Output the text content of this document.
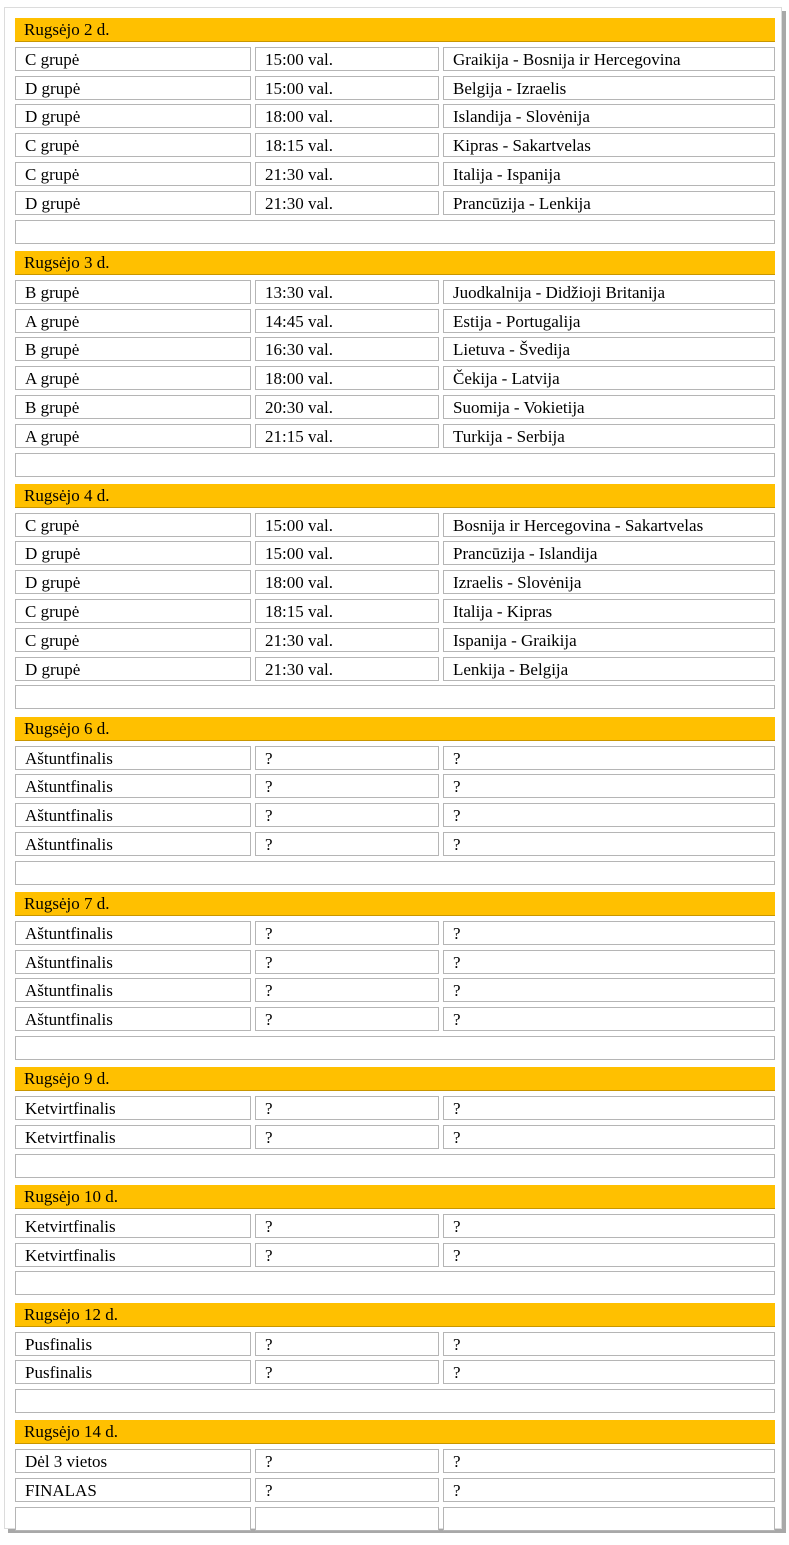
Rugsėjo 2 d.
C grupė	15:00 val.	Graikija - Bosnija ir Hercegovina
D grupė	15:00 val.	Belgija - Izraelis
D grupė	18:00 val.	Islandija - Slovėnija
C grupė	18:15 val.	Kipras - Sakartvelas
C grupė	21:30 val.	Italija - Ispanija
D grupė	21:30 val.	Prancūzija - Lenkija
Rugsėjo 3 d.
B grupė	13:30 val.	Juodkalnija - Didžioji Britanija
A grupė	14:45 val.	Estija - Portugalija
B grupė	16:30 val.	Lietuva - Švedija
A grupė	18:00 val.	Čekija - Latvija
B grupė	20:30 val.	Suomija - Vokietija
A grupė	21:15 val.	Turkija - Serbija
Rugsėjo 4 d.
C grupė	15:00 val.	Bosnija ir Hercegovina - Sakartvelas
D grupė	15:00 val.	Prancūzija - Islandija
D grupė	18:00 val.	Izraelis - Slovėnija
C grupė	18:15 val.	Italija - Kipras
C grupė	21:30 val.	Ispanija - Graikija
D grupė	21:30 val.	Lenkija - Belgija
Rugsėjo 6 d.
Aštuntfinalis	?	?
Aštuntfinalis	?	?
Aštuntfinalis	?	?
Aštuntfinalis	?	?
Rugsėjo 7 d.
Aštuntfinalis	?	?
Aštuntfinalis	?	?
Aštuntfinalis	?	?
Aštuntfinalis	?	?
Rugsėjo 9 d.
Ketvirtfinalis	?	?
Ketvirtfinalis	?	?
Rugsėjo 10 d.
Ketvirtfinalis	?	?
Ketvirtfinalis	?	?
Rugsėjo 12 d.
Pusfinalis	?	?
Pusfinalis	?	?
Rugsėjo 14 d.
Dėl 3 vietos	?	?
FINALAS	?	?
